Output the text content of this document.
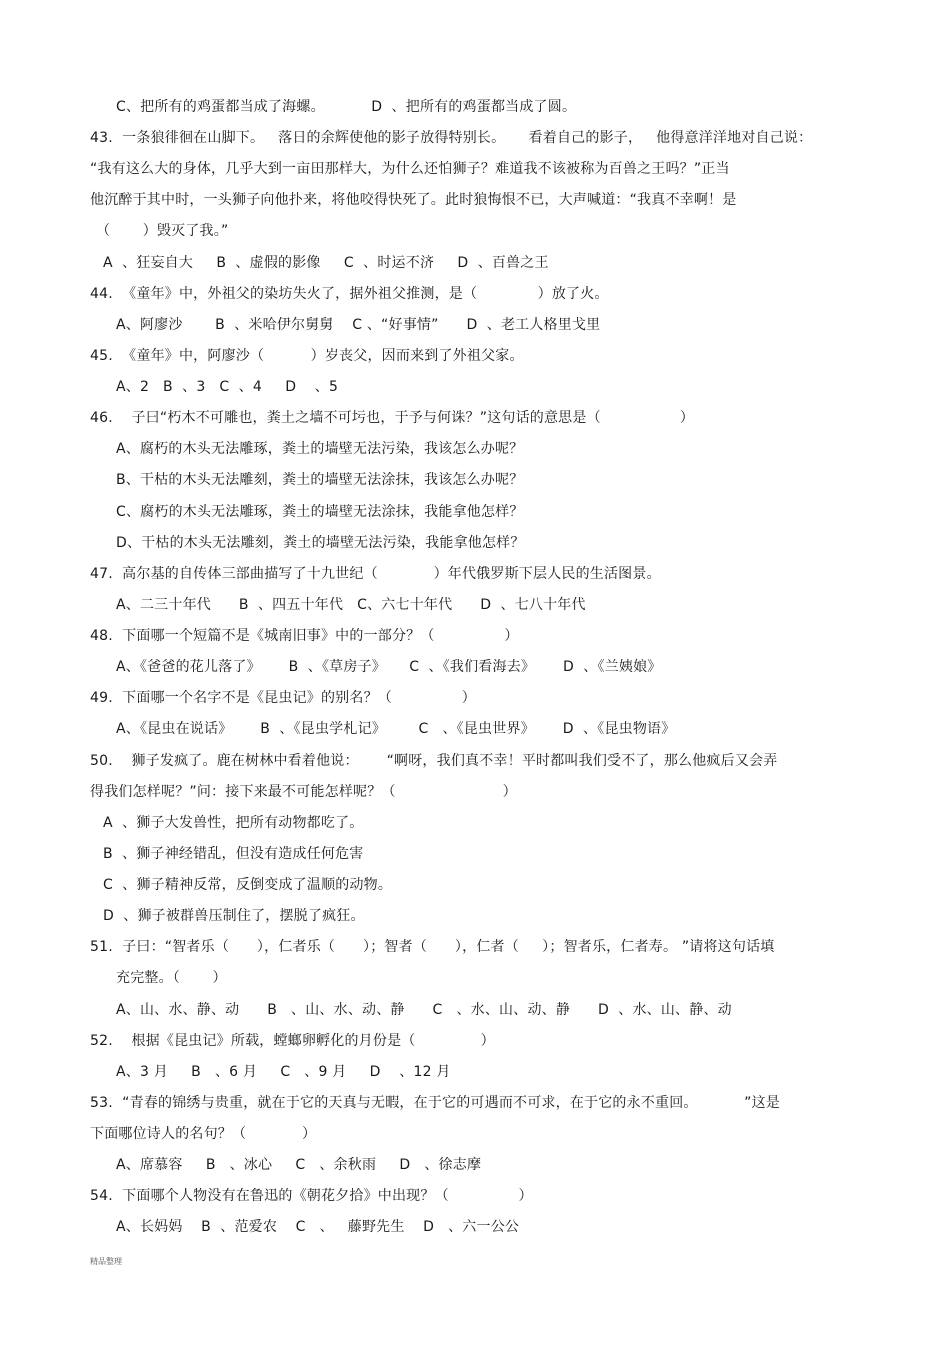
C、把所有的鸡蛋都当成了海螺。          D  、把所有的鸡蛋都当成了圆。
43.  一条狼徘徊在山脚下。   落日的余辉使他的影子放得特别长。     看着自己的影子，   他得意洋洋地对自己说：
“我有这么大的身体，几乎大到一亩田那样大，为什么还怕狮子？难道我不该被称为百兽之王吗？”正当
他沉醉于其中时，一头狮子向他扑来，将他咬得快死了。此时狼悔恨不已，大声喊道：“我真不幸啊！是
（       ）毁灭了我。”
A  、狂妄自大     B  、虚假的影像     C  、时运不济     D  、百兽之王
44.  《童年》中，外祖父的染坊失火了，据外祖父推测，是（             ）放了火。
A、阿廖沙       B  、米哈伊尔舅舅    C 、“好事情”      D  、老工人格里戈里
45.  《童年》中，阿廖沙（          ）岁丧父，因而来到了外祖父家。
A、2   B  、3   C  、4     D    、5
46.    子曰“朽木不可雕也，粪土之墙不可圬也，于予与何诛？”这句话的意思是（                 ）
A、腐朽的木头无法雕琢，粪土的墙壁无法污染，我该怎么办呢？
B、干枯的木头无法雕刻，粪土的墙壁无法涂抹，我该怎么办呢？
C、腐朽的木头无法雕琢，粪土的墙壁无法涂抹，我能拿他怎样？
D、干枯的木头无法雕刻，粪土的墙壁无法污染，我能拿他怎样？
47.  高尔基的自传体三部曲描写了十九世纪（            ）年代俄罗斯下层人民的生活图景。
A、二三十年代      B  、四五十年代   C、六七十年代      D  、七八十年代
48.  下面哪一个短篇不是《城南旧事》中的一部分？（               ）
A、《爸爸的花儿落了》      B  、《草房子》     C  、《我们看海去》      D  、《兰姨娘》
49.  下面哪一个名字不是《昆虫记》的别名？（               ）
A、《昆虫在说话》      B  、《昆虫学札记》       C   、《昆虫世界》      D  、《昆虫物语》
50.    狮子发疯了。鹿在树林中看着他说：      “啊呀，我们真不幸！平时都叫我们受不了，那么他疯后又会弄
得我们怎样呢？”问：接下来最不可能怎样呢？（                       ）
A  、狮子大发兽性，把所有动物都吃了。
B  、狮子神经错乱，但没有造成任何危害
C  、狮子精神反常，反倒变成了温顺的动物。
D  、狮子被群兽压制住了，摆脱了疯狂。
51.  子曰：“智者乐（      ），仁者乐（      ）；智者（      ），仁者（     ）；智者乐，仁者寿。 ”请将这句话填
充完整。（       ）
A、山、水、静、动      B   、山、水、动、静      C   、水、山、动、静      D  、水、山、静、动
52.    根据《昆虫记》所载，螳螂卵孵化的月份是（              ）
A、3 月     B   、6 月     C   、9 月     D    、12 月
53.  “青春的锦绣与贵重，就在于它的天真与无暇，在于它的可遇而不可求，在于它的永不重回。          ”这是
下面哪位诗人的名句？（            ）
A、席慕容     B   、冰心     C   、余秋雨     D   、徐志摩
54.  下面哪个人物没有在鲁迅的《朝花夕拾》中出现？（               ）
A、长妈妈    B  、范爱农    C   、   藤野先生    D   、六一公公
精品整理
